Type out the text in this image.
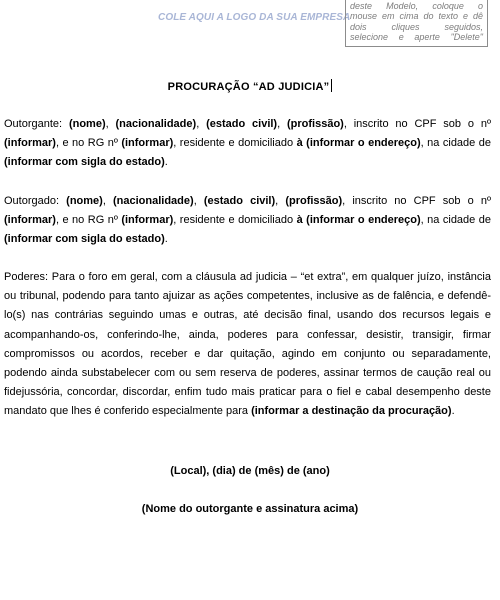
COLE AQUI A LOGO DA SUA EMPRESA
deste Modelo, coloque o
mouse em cima do texto e dê
dois cliques seguidos,
selecione e aperte "Delete"
PROCURAÇÃO “AD JUDICIA”
Outorgante: (nome), (nacionalidade), (estado civil), (profissão), inscrito no CPF sob o nº (informar), e no RG nº (informar), residente e domiciliado à (informar o endereço), na cidade de (informar com sigla do estado).
Outorgado: (nome), (nacionalidade), (estado civil), (profissão), inscrito no CPF sob o nº (informar), e no RG nº (informar), residente e domiciliado à (informar o endereço), na cidade de (informar com sigla do estado).
Poderes: Para o foro em geral, com a cláusula ad judicia – “et extra”, em qualquer juízo, instância ou tribunal, podendo para tanto ajuizar as ações competentes, inclusive as de falência, e defendê-lo(s) nas contrárias seguindo umas e outras, até decisão final, usando dos recursos legais e acompanhando-os, conferindo-lhe, ainda, poderes para confessar, desistir, transigir, firmar compromissos ou acordos, receber e dar quitação, agindo em conjunto ou separadamente, podendo ainda substabelecer com ou sem reserva de poderes, assinar termos de caução real ou fidejussória, concordar, discordar, enfim tudo mais praticar para o fiel e cabal desempenho deste mandato que lhes é conferido especialmente para (informar a destinação da procuração).
(Local), (dia) de (mês) de (ano)
(Nome do outorgante e assinatura acima)
